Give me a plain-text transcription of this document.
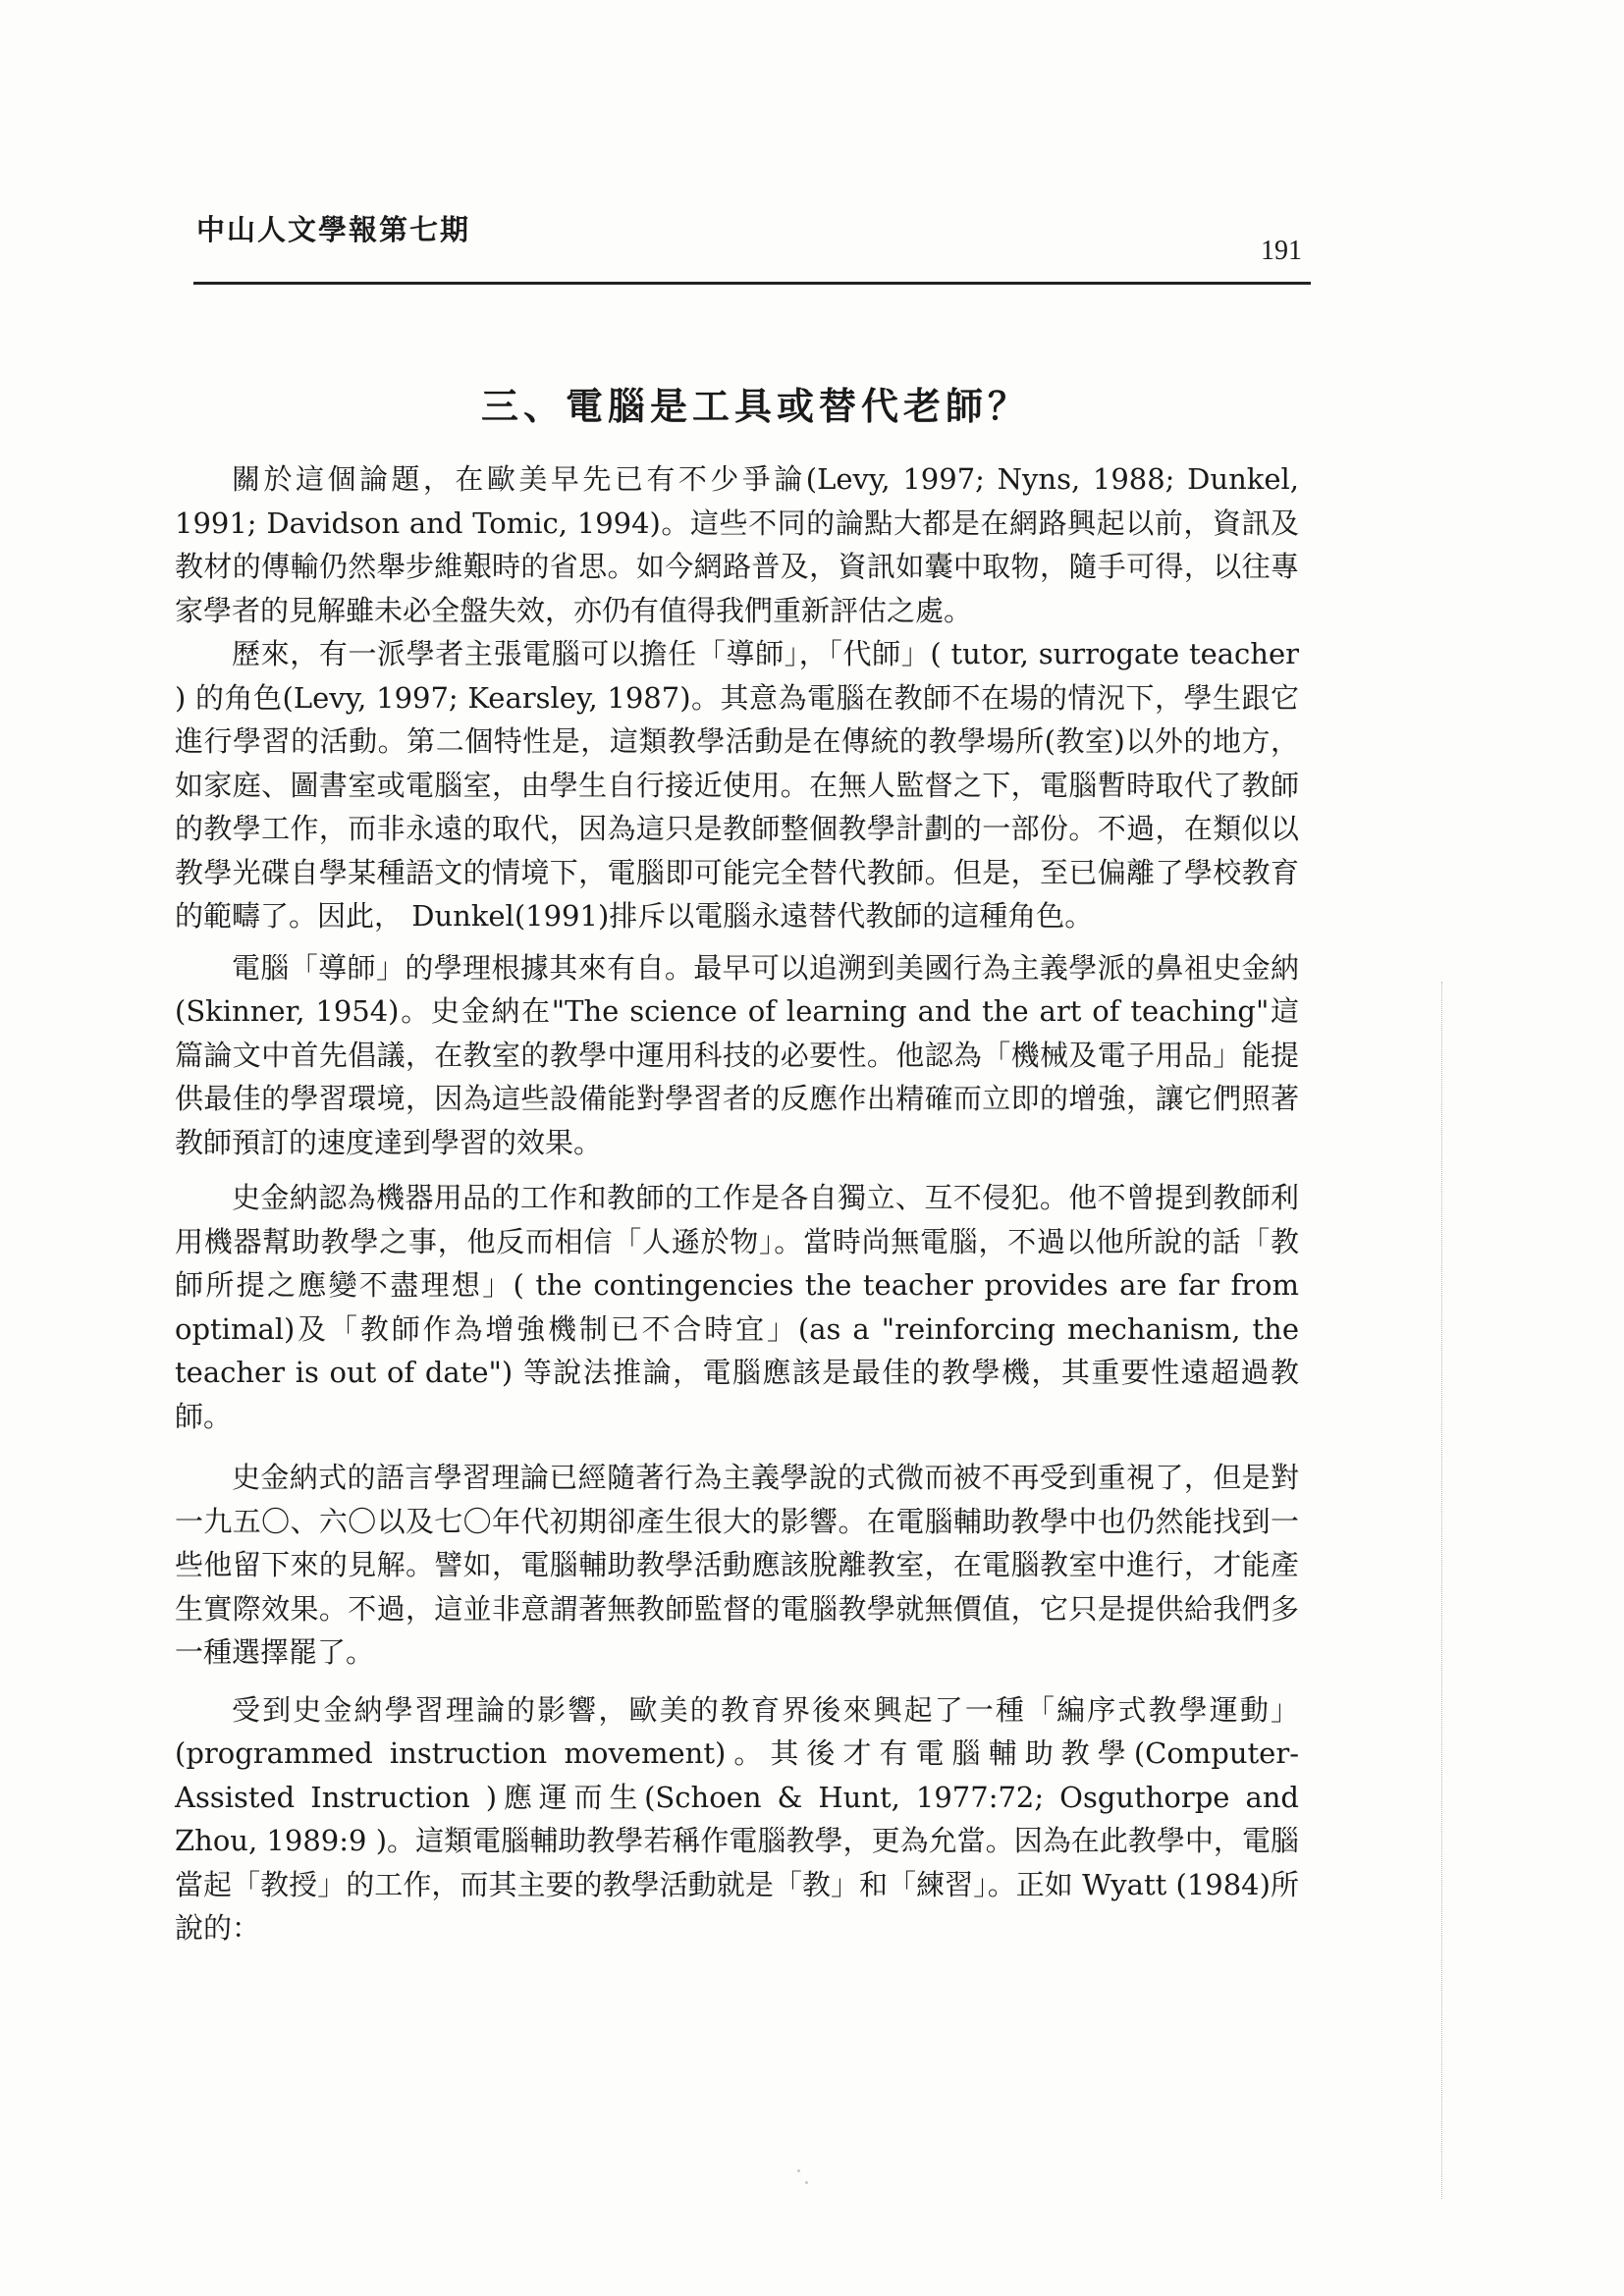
中山人文學報第七期
191
三、電腦是工具或替代老師？

關於這個論題，在歐美早先已有不少爭論(Levy, 1997; Nyns, 1988; Dunkel, 1991; Davidson and Tomic, 1994)。這些不同的論點大都是在網路興起以前，資訊及教材的傳輸仍然舉步維艱時的省思。如今網路普及，資訊如囊中取物，隨手可得，以往專家學者的見解雖未必全盤失效，亦仍有值得我們重新評估之處。

歷來，有一派學者主張電腦可以擔任「導師」，「代師」( tutor, surrogate teacher ) 的角色(Levy, 1997; Kearsley, 1987)。其意為電腦在教師不在場的情況下，學生跟它進行學習的活動。第二個特性是，這類教學活動是在傳統的教學場所(教室)以外的地方，如家庭、圖書室或電腦室，由學生自行接近使用。在無人監督之下，電腦暫時取代了教師的教學工作，而非永遠的取代，因為這只是教師整個教學計劃的一部份。不過，在類似以教學光碟自學某種語文的情境下，電腦即可能完全替代教師。但是，至已偏離了學校教育的範疇了。因此， Dunkel(1991)排斥以電腦永遠替代教師的這種角色。

電腦「導師」的學理根據其來有自。最早可以追溯到美國行為主義學派的鼻祖史金納(Skinner, 1954)。史金納在"The science of learning and the art of teaching"這篇論文中首先倡議，在教室的教學中運用科技的必要性。他認為「機械及電子用品」能提供最佳的學習環境，因為這些設備能對學習者的反應作出精確而立即的增強，讓它們照著教師預訂的速度達到學習的效果。

史金納認為機器用品的工作和教師的工作是各自獨立、互不侵犯。他不曾提到教師利用機器幫助教學之事，他反而相信「人遜於物」。當時尚無電腦，不過以他所說的話「教師所提之應變不盡理想」( the contingencies the teacher provides are far from optimal)及「教師作為增強機制已不合時宜」(as a "reinforcing mechanism, the teacher is out of date") 等說法推論，電腦應該是最佳的教學機，其重要性遠超過教師。

史金納式的語言學習理論已經隨著行為主義學說的式微而被不再受到重視了，但是對一九五〇、六〇以及七〇年代初期卻產生很大的影響。在電腦輔助教學中也仍然能找到一些他留下來的見解。譬如，電腦輔助教學活動應該脫離教室，在電腦教室中進行，才能產生實際效果。不過，這並非意謂著無教師監督的電腦教學就無價值，它只是提供給我們多一種選擇罷了。

受到史金納學習理論的影響，歐美的教育界後來興起了一種「編序式教學運動」(programmed instruction movement)。其後才有電腦輔助教學(Computer-Assisted Instruction )應運而生(Schoen & Hunt, 1977:72; Osguthorpe and Zhou, 1989:9 )。這類電腦輔助教學若稱作電腦教學，更為允當。因為在此教學中，電腦當起「教授」的工作，而其主要的教學活動就是「教」和「練習」。正如 Wyatt (1984)所說的：
